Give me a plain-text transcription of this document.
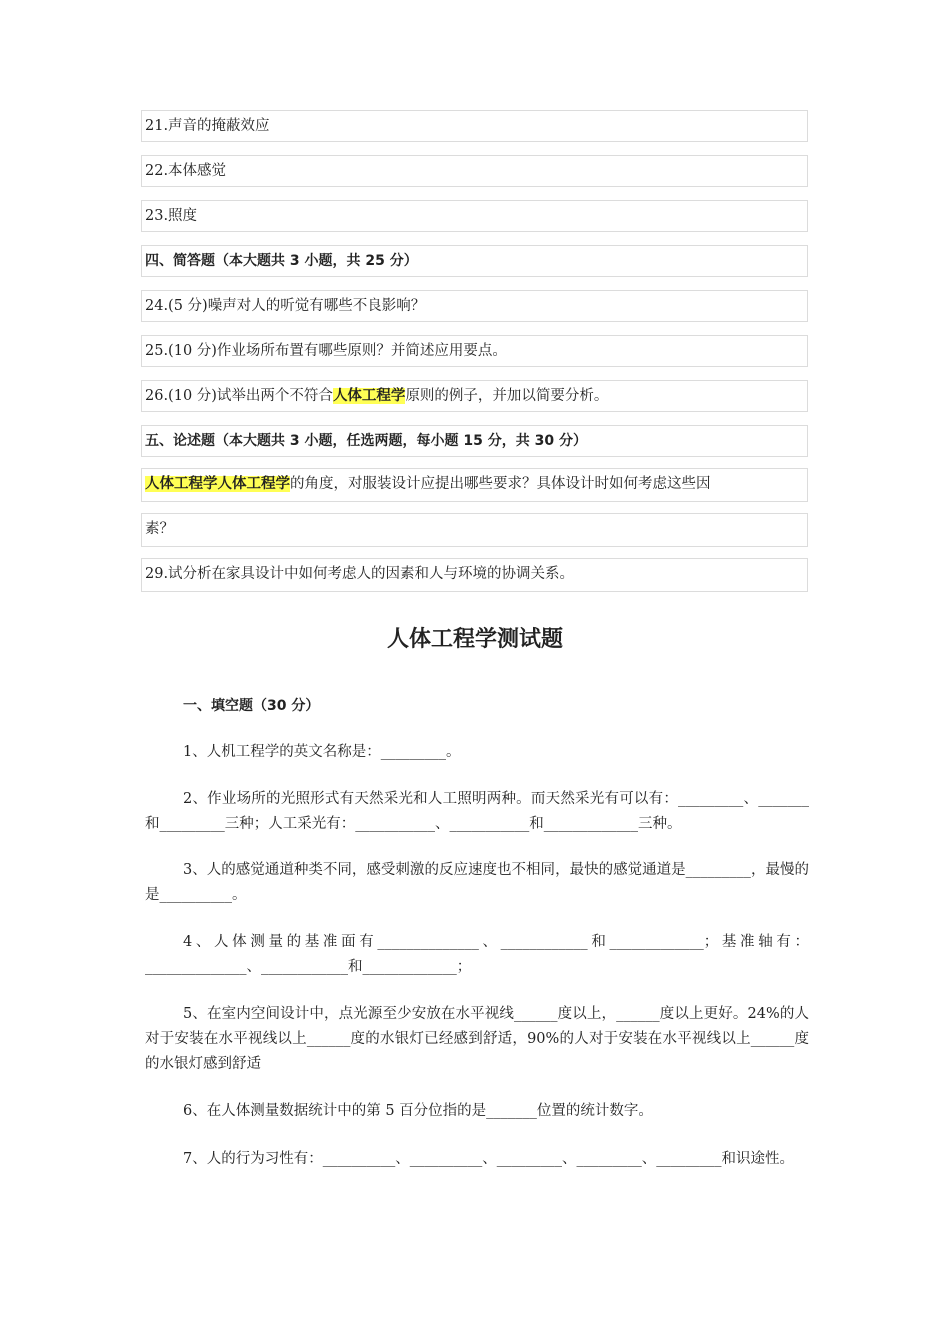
21.声音的掩蔽效应
22.本体感觉
23.照度
四、简答题（本大题共 3 小题，共 25 分）
24.(5 分)噪声对人的听觉有哪些不良影响？
25.(10 分)作业场所布置有哪些原则？并简述应用要点。
26.(10 分)试举出两个不符合人体工程学原则的例子，并加以简要分析。
五、论述题（本大题共 3 小题，任选两题，每小题 15 分，共 30 分）
人体工程学人体工程学的角度，对服装设计应提出哪些要求？具体设计时如何考虑这些因
素？
29.试分析在家具设计中如何考虑人的因素和人与环境的协调关系。
人体工程学测试题
一、填空题（30 分）
1、人机工程学的英文名称是：_________。
2、作业场所的光照形式有天然采光和人工照明两种。而天然采光有可以有：_________、_______和_________三种；人工采光有：___________、___________和_____________三种。
3、人的感觉通道种类不同，感受刺激的反应速度也不相同，最快的感觉通道是_________，最慢的是__________。
4、人体测量的基准面有______________、____________和_____________；基准轴有：______________、____________和_____________；
5、在室内空间设计中，点光源至少安放在水平视线______度以上，______度以上更好。24%的人对于安装在水平视线以上______度的水银灯已经感到舒适，90%的人对于安装在水平视线以上______度的水银灯感到舒适
6、在人体测量数据统计中的第 5 百分位指的是_______位置的统计数字。
7、人的行为习性有：__________、__________、_________、_________、_________和识途性。
